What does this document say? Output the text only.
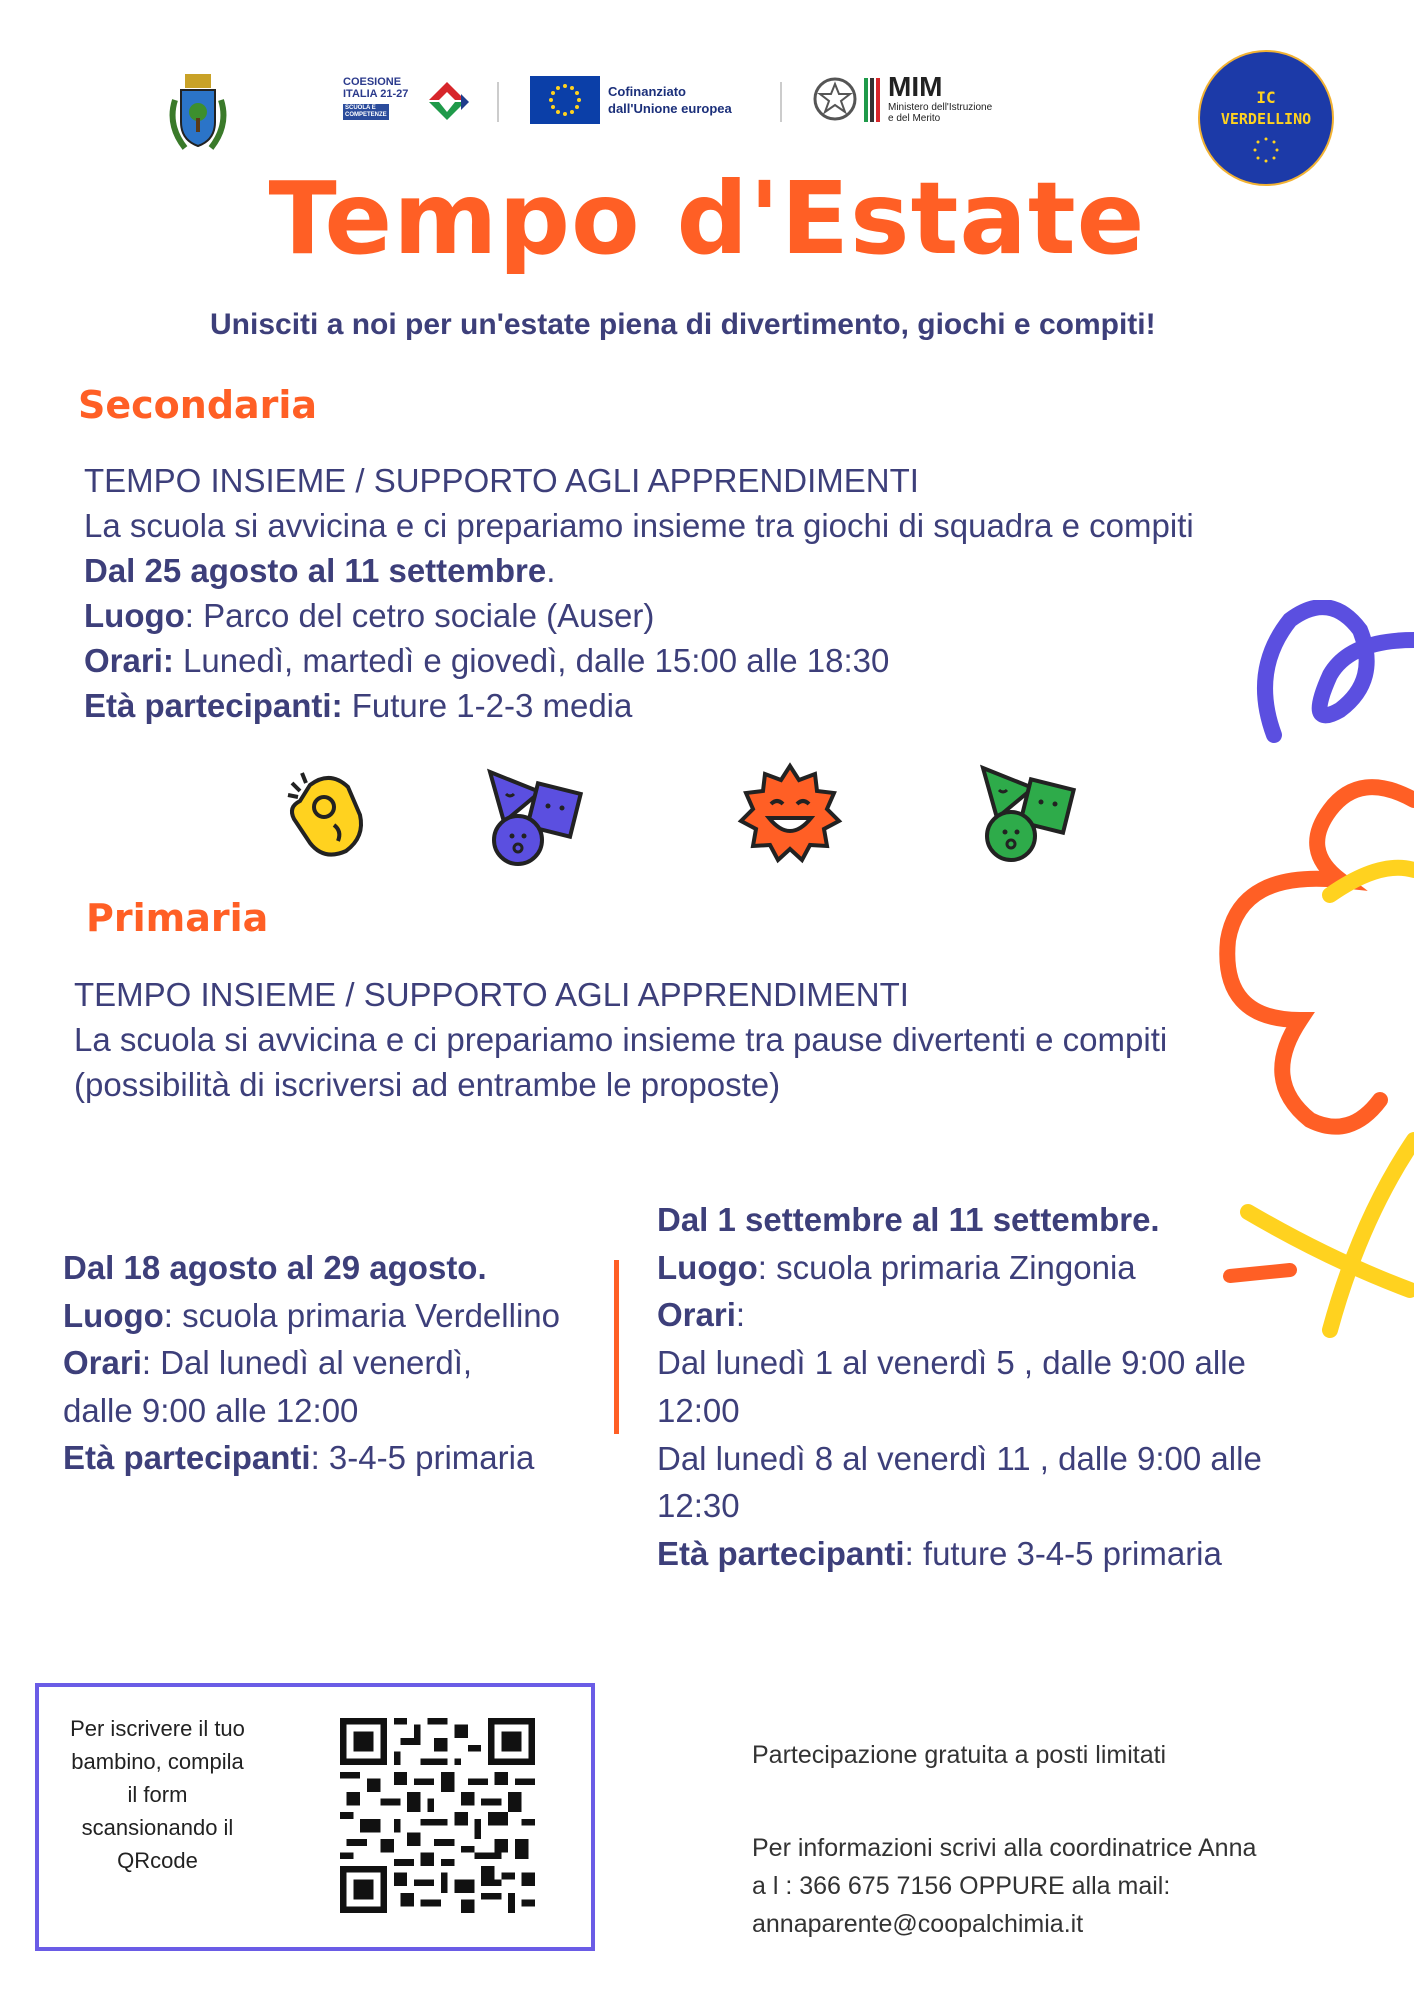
COESIONE
ITALIA 21-27
SCUOLA E
COMPETENZE
Cofinanziato
dall'Unione europea
MIM
Ministero dell'Istruzione
e del Merito
IC
VERDELLINO
Tempo d'Estate
Unisciti a noi per un'estate piena di divertimento, giochi e compiti!
Secondaria
TEMPO INSIEME / SUPPORTO AGLI APPRENDIMENTI
La scuola si avvicina e ci prepariamo insieme tra giochi di squadra e compiti
Dal 25 agosto al 11 settembre.
Luogo: Parco del cetro sociale (Auser)
Orari: Lunedì, martedì e giovedì, dalle 15:00 alle 18:30
Età partecipanti: Future 1-2-3 media
Primaria
TEMPO INSIEME / SUPPORTO AGLI APPRENDIMENTI
La scuola si avvicina e ci prepariamo insieme tra pause divertenti e compiti
(possibilità di iscriversi ad entrambe le proposte)
Dal 18 agosto al 29 agosto.
Luogo: scuola primaria Verdellino
Orari: Dal lunedì al venerdì,
dalle 9:00 alle 12:00
Età partecipanti: 3-4-5 primaria
Dal 1 settembre al 11 settembre.
Luogo: scuola primaria Zingonia
Orari:
Dal lunedì 1 al venerdì 5 , dalle 9:00 alle
12:00
Dal lunedì 8 al venerdì 11 , dalle 9:00 alle
12:30
Età partecipanti: future 3-4-5 primaria
Per iscrivere il tuo
bambino, compila
il form
scansionando il
QRcode
Partecipazione gratuita a posti limitati
Per informazioni scrivi alla coordinatrice Anna
a l : 366 675 7156 OPPURE alla mail:
annaparente@coopalchimia.it
